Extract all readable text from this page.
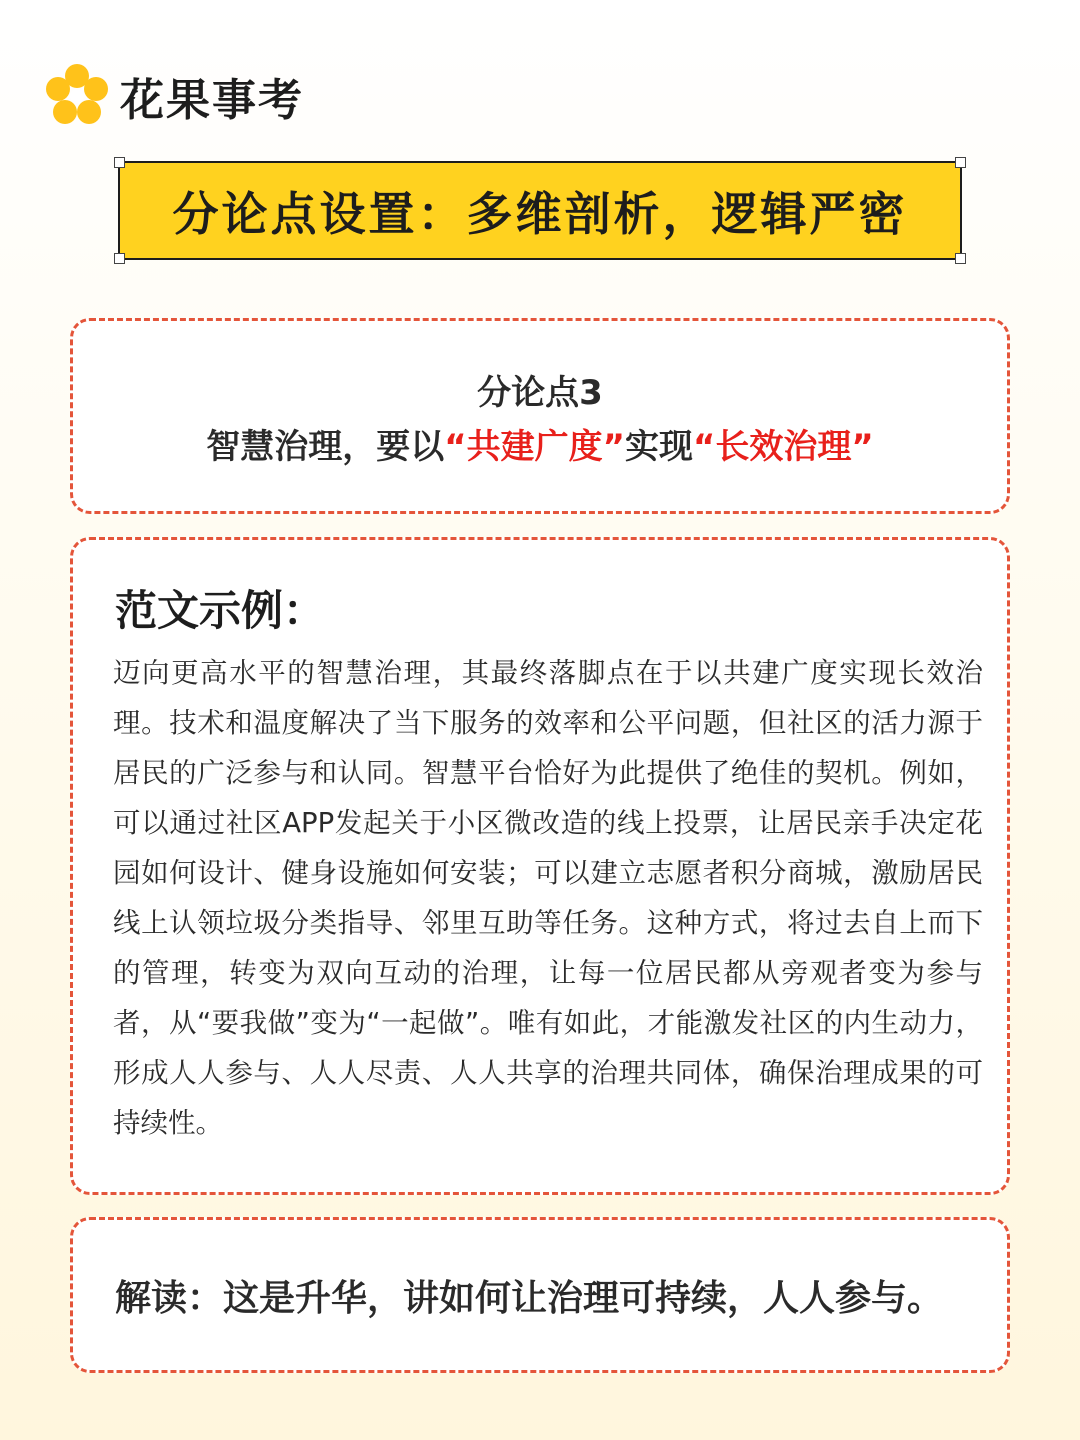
花果事考
分论点设置：多维剖析，逻辑严密
分论点3
智慧治理，要以“共建广度”实现“长效治理”
范文示例：
迈向更高水平的智慧治理，其最终落脚点在于以共建广度实现长效治理。技术和温度解决了当下服务的效率和公平问题，但社区的活力源于居民的广泛参与和认同。智慧平台恰好为此提供了绝佳的契机。例如，可以通过社区APP发起关于小区微改造的线上投票，让居民亲手决定花园如何设计、健身设施如何安装；可以建立志愿者积分商城，激励居民线上认领垃圾分类指导、邻里互助等任务。这种方式，将过去自上而下的管理，转变为双向互动的治理，让每一位居民都从旁观者变为参与者，从“要我做”变为“一起做”。唯有如此，才能激发社区的内生动力，形成人人参与、人人尽责、人人共享的治理共同体，确保治理成果的可持续性。
解读：这是升华，讲如何让治理可持续，人人参与。
